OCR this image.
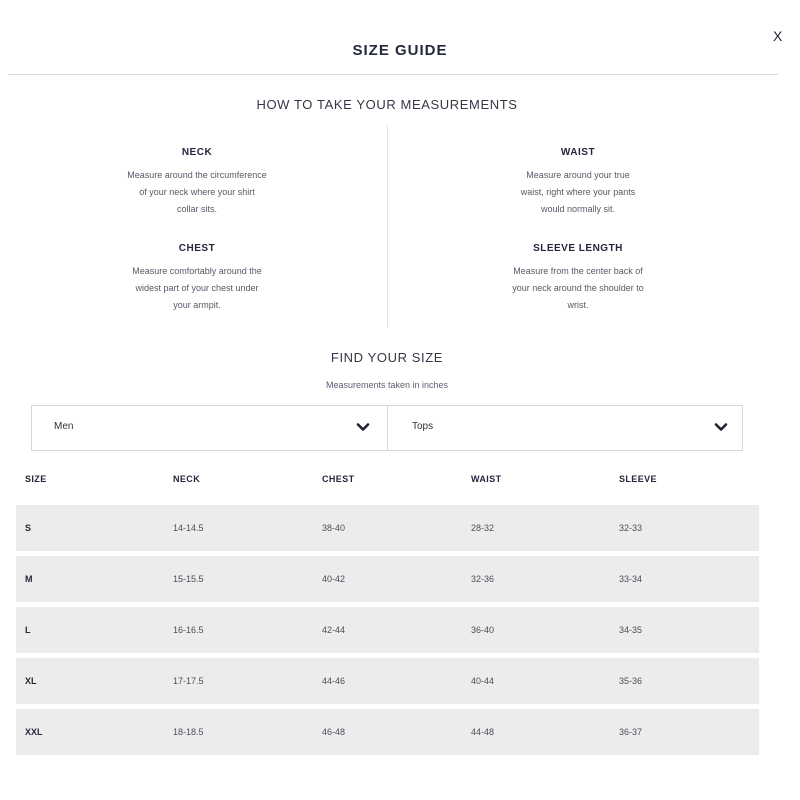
SIZE GUIDE
X
HOW TO TAKE YOUR MEASUREMENTS
NECK
Measure around the circumference
of your neck where your shirt
collar sits.
WAIST
Measure around your true
waist, right where your pants
would normally sit.
CHEST
Measure comfortably around the
widest part of your chest under
your armpit.
SLEEVE LENGTH
Measure from the center back of
your neck around the shoulder to
wrist.
FIND YOUR SIZE
Measurements taken in inches
Men	Tops
SIZE	NECK	CHEST	WAIST	SLEEVE
S	14-14.5	38-40	28-32	32-33
M	15-15.5	40-42	32-36	33-34
L	16-16.5	42-44	36-40	34-35
XL	17-17.5	44-46	40-44	35-36
XXL	18-18.5	46-48	44-48	36-37
